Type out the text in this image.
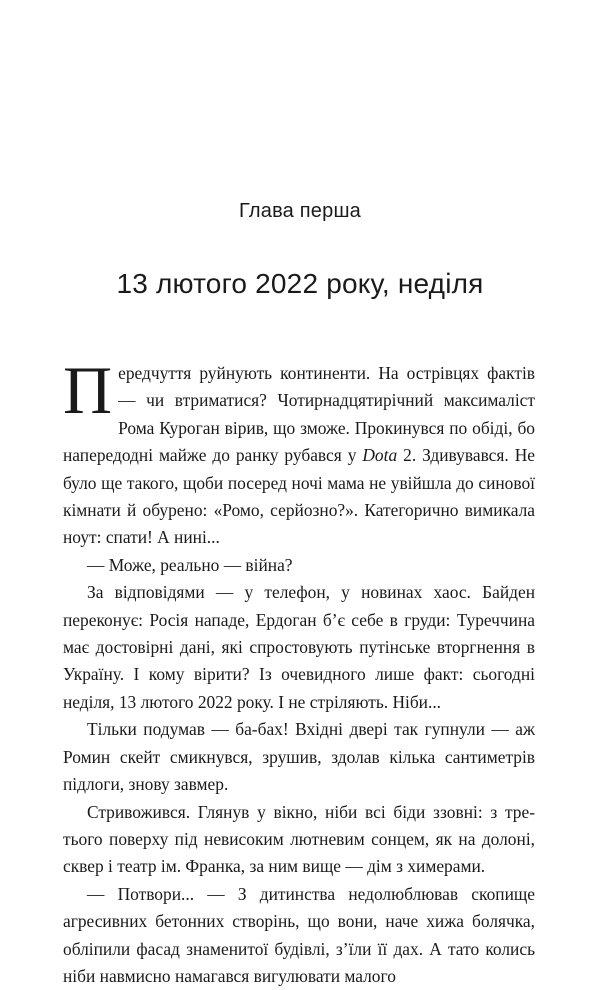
Глава перша
13 лютого 2022 року, неділя

Передчуття руйнують континенти. На острівцях фактів — чи втриматися? Чотирнадцятирічний максималіст Рома Куроган вірив, що зможе. Прокинувся по обіді, бо напередодні майже до ранку рубався у Dota 2. Здивувався. Не було ще такого, щоби посеред ночі мама не увійшла до синової кімнати й обурено: «Ромо, серйозно?». Категорично вимикала ноут: спати! А нині...

— Може, реально — війна?

За відповідями — у телефон, у новинах хаос. Байден переконує: Росія нападе, Ердоган б’є себе в груди: Туреччина має достовірні дані, які спростовують путінське вторгнення в Україну. І кому вірити? Із очевидного лише факт: сьогодні неділя, 13 лютого 2022 року. І не стріляють. Ніби...

Тільки подумав — ба-бах! Вхідні двері так гупнули — аж Ромин скейт смикнувся, зрушив, здолав кілька сантиметрів підлоги, знову завмер.

Стривожився. Глянув у вікно, ніби всі біди ззовні: з третього поверху під невисоким лютневим сонцем, як на долоні, сквер і театр ім. Франка, за ним вище — дім з химерами.

— Потвори... — З дитинства недолюблював скопище агресивних бетонних створінь, що вони, наче хижа болячка, обліпили фасад знаменитої будівлі, з’їли її дах. А тато колись ніби навмисно намагався вигулювати малого
